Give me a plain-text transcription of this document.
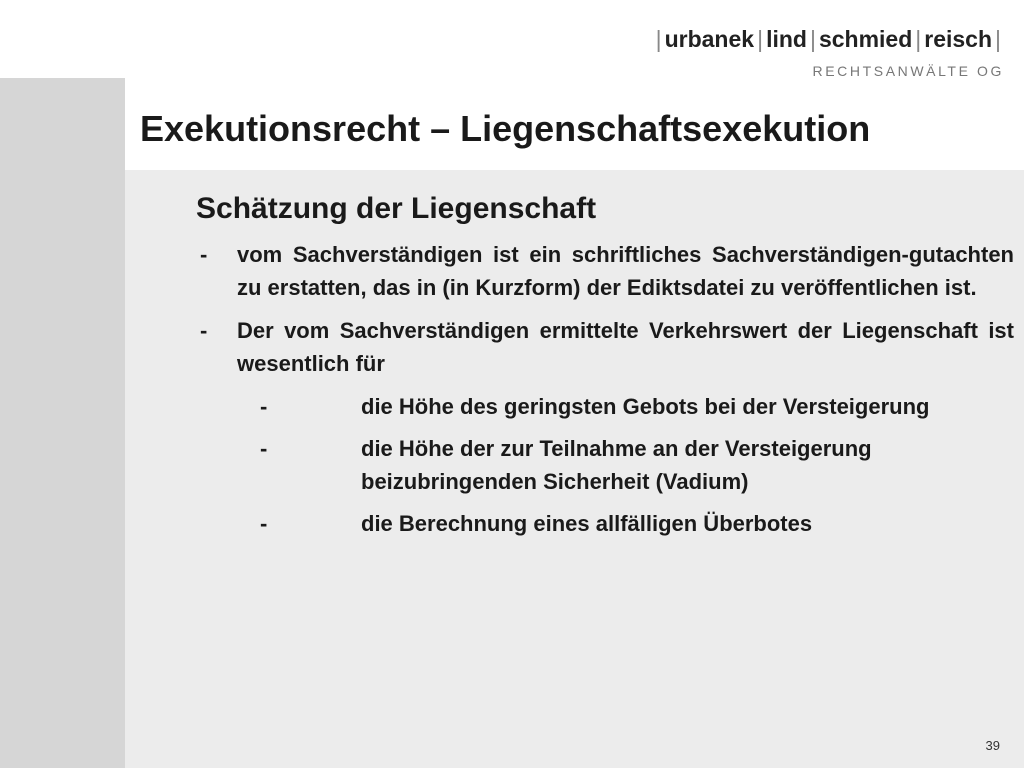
| urbanek | lind | schmied | reisch |
RECHTSANWÄLTE OG
Exekutionsrecht – Liegenschaftsexekution
Schätzung der Liegenschaft
- vom Sachverständigen ist ein schriftliches Sachverständigen-gutachten zu erstatten, das in (in Kurzform) der Ediktsdatei zu veröffentlichen ist.
- Der vom Sachverständigen ermittelte Verkehrswert der Liegenschaft ist wesentlich für
-	die Höhe des geringsten Gebots bei der Versteigerung
-	die Höhe der zur Teilnahme an der Versteigerung beizubringenden Sicherheit (Vadium)
-	die Berechnung eines allfälligen Überbotes
39
